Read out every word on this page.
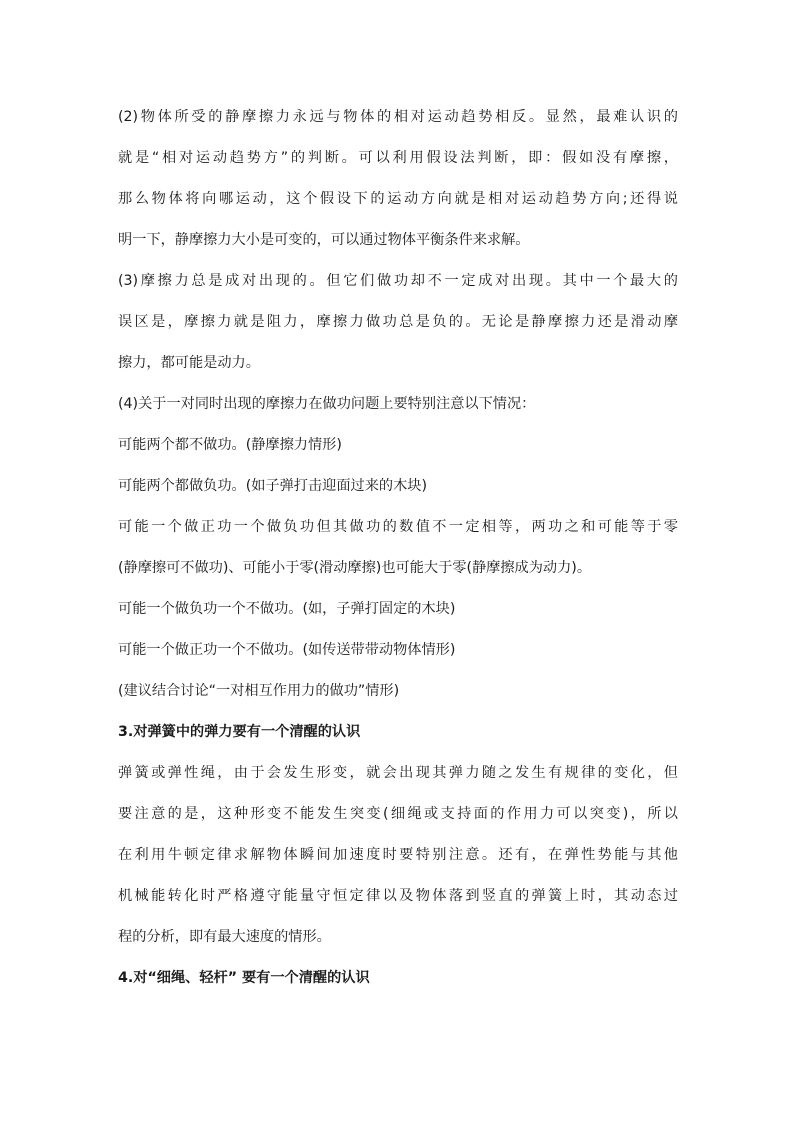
(2)物体所受的静摩擦力永远与物体的相对运动趋势相反。显然，最难认识的
就是“相对运动趋势方”的判断。可以利用假设法判断，即：假如没有摩擦，
那么物体将向哪运动，这个假设下的运动方向就是相对运动趋势方向;还得说
明一下，静摩擦力大小是可变的，可以通过物体平衡条件来求解。
(3)摩擦力总是成对出现的。但它们做功却不一定成对出现。其中一个最大的
误区是，摩擦力就是阻力，摩擦力做功总是负的。无论是静摩擦力还是滑动摩
擦力，都可能是动力。
(4)关于一对同时出现的摩擦力在做功问题上要特别注意以下情况：
可能两个都不做功。(静摩擦力情形)
可能两个都做负功。(如子弹打击迎面过来的木块)
可能一个做正功一个做负功但其做功的数值不一定相等，两功之和可能等于零
(静摩擦可不做功)、可能小于零(滑动摩擦)也可能大于零(静摩擦成为动力)。
可能一个做负功一个不做功。(如，子弹打固定的木块)
可能一个做正功一个不做功。(如传送带带动物体情形)
(建议结合讨论“一对相互作用力的做功”情形)
3.对弹簧中的弹力要有一个清醒的认识
弹簧或弹性绳，由于会发生形变，就会出现其弹力随之发生有规律的变化，但
要注意的是，这种形变不能发生突变(细绳或支持面的作用力可以突变)，所以
在利用牛顿定律求解物体瞬间加速度时要特别注意。还有，在弹性势能与其他
机械能转化时严格遵守能量守恒定律以及物体落到竖直的弹簧上时，其动态过
程的分析，即有最大速度的情形。
4.对“细绳、轻杆” 要有一个清醒的认识
